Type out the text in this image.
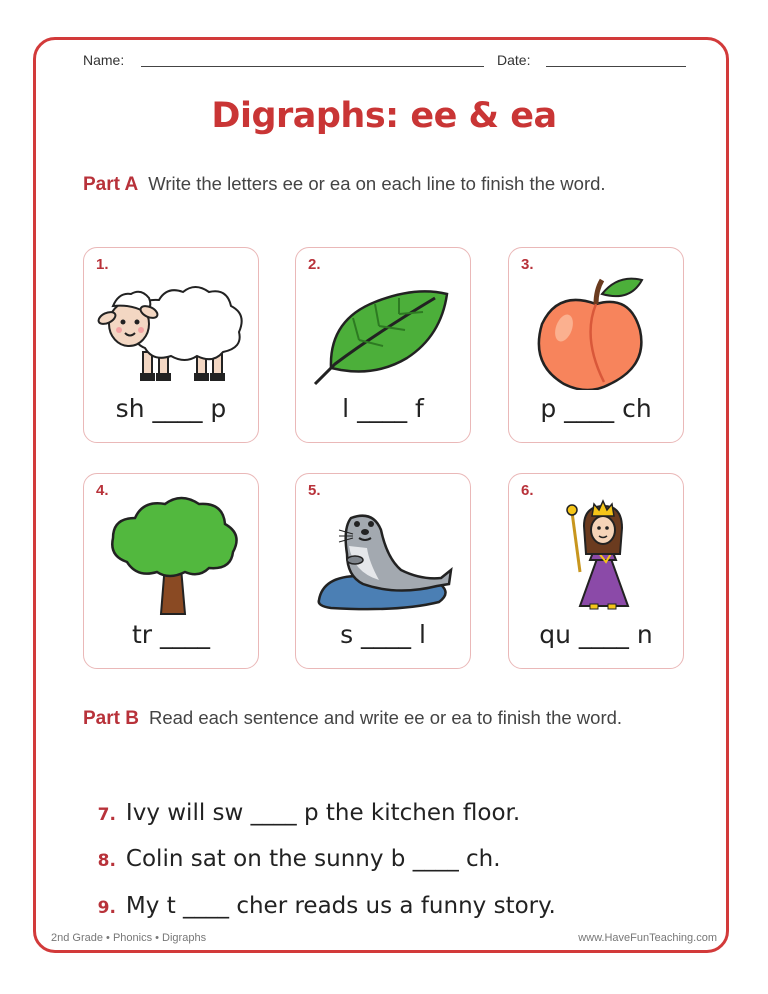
Name:	Date:
Digraphs: ee & ea
Part A Write the letters ee or ea on each line to finish the word.
1.
sh ____ p
2.
l ____ f
3.
p ____ ch
4.
tr ____
5.
s ____ l
6.
qu ____ n
Part B Read each sentence and write ee or ea to finish the word.

7. Ivy will sw ____ p the kitchen floor.

8. Colin sat on the sunny b ____ ch.

9. My t ____ cher reads us a funny story.

2nd Grade • Phonics • Digraphs	www.HaveFunTeaching.com
